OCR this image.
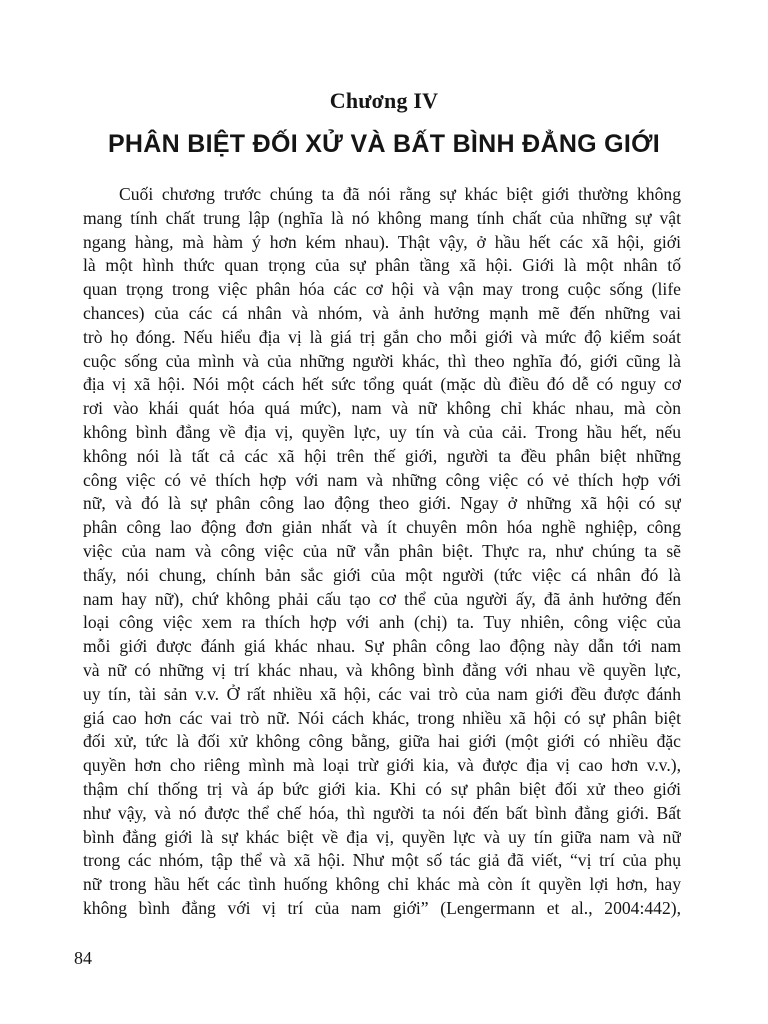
Chương IV
PHÂN BIỆT ĐỐI XỬ VÀ BẤT BÌNH ĐẲNG GIỚI
Cuối chương trước chúng ta đã nói rằng sự khác biệt giới thường không
mang tính chất trung lập (nghĩa là nó không mang tính chất của những sự vật
ngang hàng, mà hàm ý hơn kém nhau). Thật vậy, ở hầu hết các xã hội, giới
là một hình thức quan trọng của sự phân tầng xã hội. Giới là một nhân tố
quan trọng trong việc phân hóa các cơ hội và vận may trong cuộc sống (life
chances) của các cá nhân và nhóm, và ảnh hưởng mạnh mẽ đến những vai
trò họ đóng. Nếu hiểu địa vị là giá trị gắn cho mỗi giới và mức độ kiểm soát
cuộc sống của mình và của những người khác, thì theo nghĩa đó, giới cũng là
địa vị xã hội. Nói một cách hết sức tổng quát (mặc dù điều đó dễ có nguy cơ
rơi vào khái quát hóa quá mức), nam và nữ không chỉ khác nhau, mà còn
không bình đẳng về địa vị, quyền lực, uy tín và của cải. Trong hầu hết, nếu
không nói là tất cả các xã hội trên thế giới, người ta đều phân biệt những
công việc có vẻ thích hợp với nam và những công việc có vẻ thích hợp với
nữ, và đó là sự phân công lao động theo giới. Ngay ở những xã hội có sự
phân công lao động đơn giản nhất và ít chuyên môn hóa nghề nghiệp, công
việc của nam và công việc của nữ vẫn phân biệt. Thực ra, như chúng ta sẽ
thấy, nói chung, chính bản sắc giới của một người (tức việc cá nhân đó là
nam hay nữ), chứ không phải cấu tạo cơ thể của người ấy, đã ảnh hưởng đến
loại công việc xem ra thích hợp với anh (chị) ta. Tuy nhiên, công việc của
mỗi giới được đánh giá khác nhau. Sự phân công lao động này dẫn tới nam
và nữ có những vị trí khác nhau, và không bình đẳng với nhau về quyền lực,
uy tín, tài sản v.v. Ở rất nhiều xã hội, các vai trò của nam giới đều được đánh
giá cao hơn các vai trò nữ. Nói cách khác, trong nhiều xã hội có sự phân biệt
đối xử, tức là đối xử không công bằng, giữa hai giới (một giới có nhiều đặc
quyền hơn cho riêng mình mà loại trừ giới kia, và được địa vị cao hơn v.v.),
thậm chí thống trị và áp bức giới kia. Khi có sự phân biệt đối xử theo giới
như vậy, và nó được thể chế hóa, thì người ta nói đến bất bình đẳng giới. Bất
bình đẳng giới là sự khác biệt về địa vị, quyền lực và uy tín giữa nam và nữ
trong các nhóm, tập thể và xã hội. Như một số tác giả đã viết, “vị trí của phụ
nữ trong hầu hết các tình huống không chỉ khác mà còn ít quyền lợi hơn, hay
không bình đẳng với vị trí của nam giới” (Lengermann et al., 2004:442),
84
